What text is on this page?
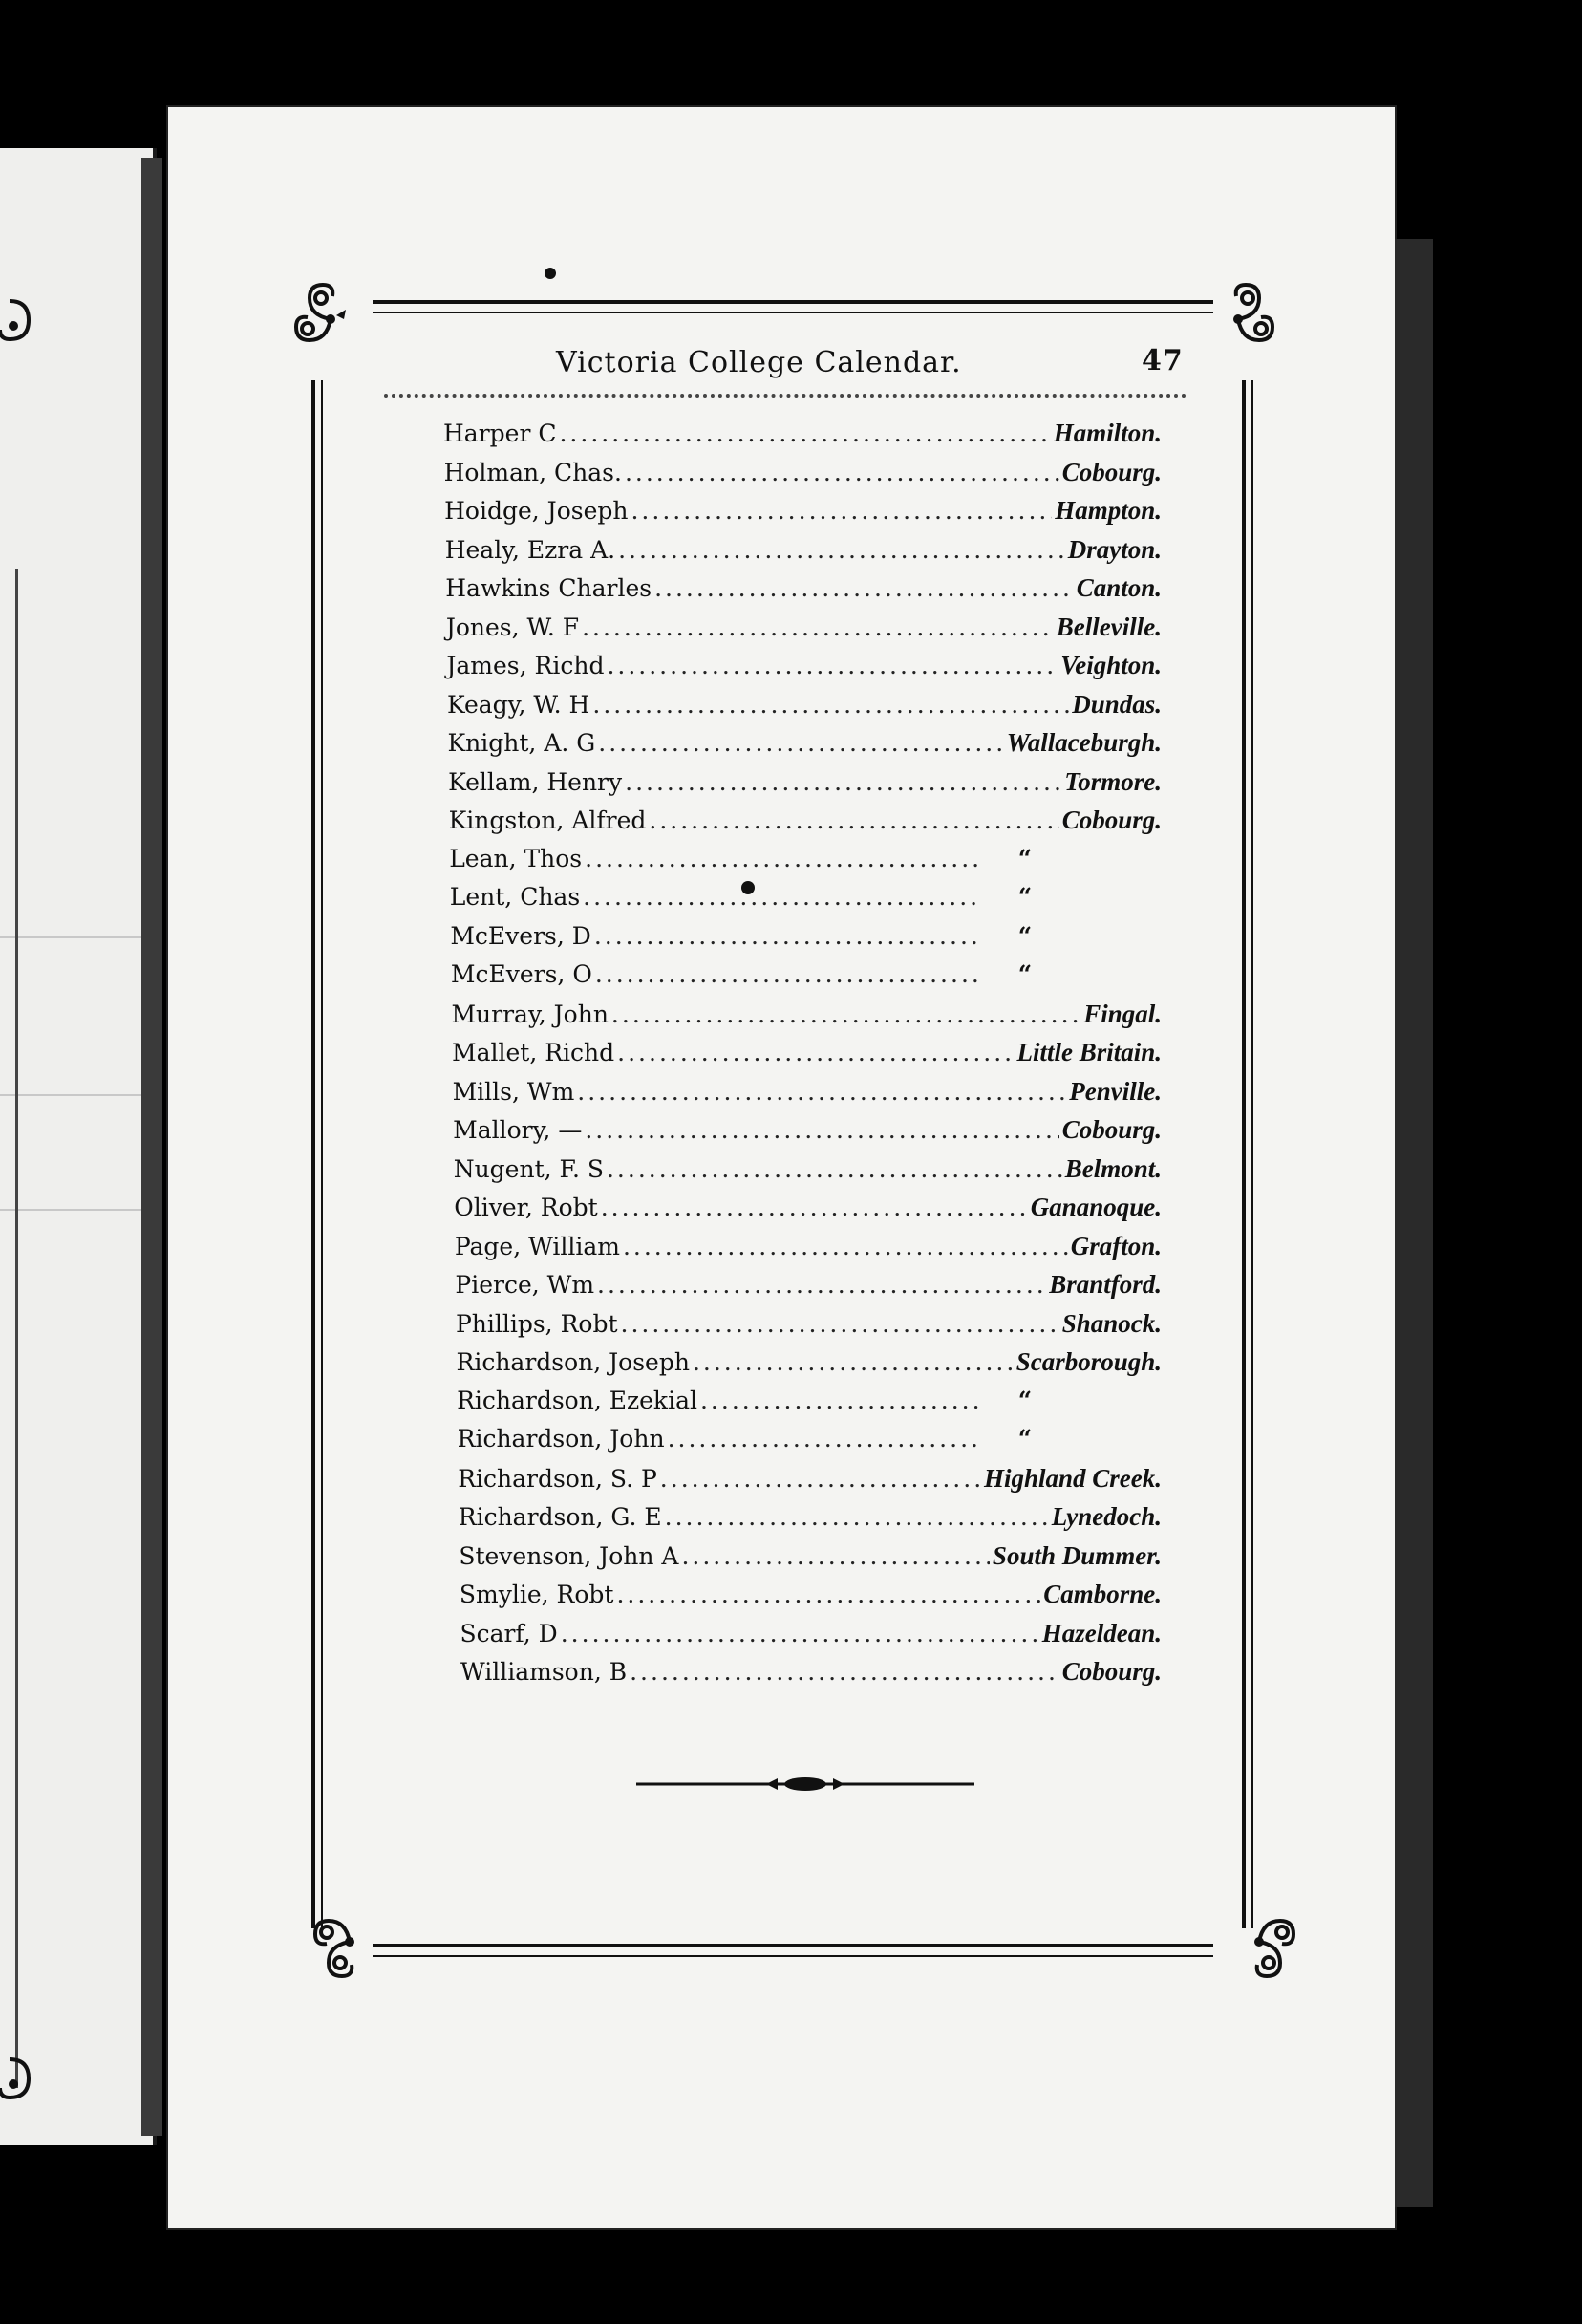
Victoria College Calendar.	47
Harper C .....	Hamilton.
Holman, Chas. .....	Cobourg.
Hoidge, Joseph .....	Hampton.
Healy, Ezra A. .....	Drayton.
Hawkins Charles .....	Canton.
Jones, W. F .....	Belleville.
James, Richd .....	Veighton.
Keagy, W. H .....	Dundas.
Knight, A. G .....	Wallaceburgh.
Kellam, Henry .....	Tormore.
Kingston, Alfred .....	Cobourg.
Lean, Thos .....	“
Lent, Chas .....	“
McEvers, D .....	“
McEvers, O .....	“
Murray, John .....	Fingal.
Mallet, Richd .....	Little Britain.
Mills, Wm .....	Penville.
Mallory, — .....	Cobourg.
Nugent, F. S .....	Belmont.
Oliver, Robt .....	Gananoque.
Page, William .....	Grafton.
Pierce, Wm .....	Brantford.
Phillips, Robt .....	Shanock.
Richardson, Joseph .....	Scarborough.
Richardson, Ezekial .....	“
Richardson, John .....	“
Richardson, S. P .....	Highland Creek.
Richardson, G. E .....	Lynedoch.
Stevenson, John A .....	South Dummer.
Smylie, Robt .....	Camborne.
Scarf, D .....	Hazeldean.
Williamson, B .....	Cobourg.
